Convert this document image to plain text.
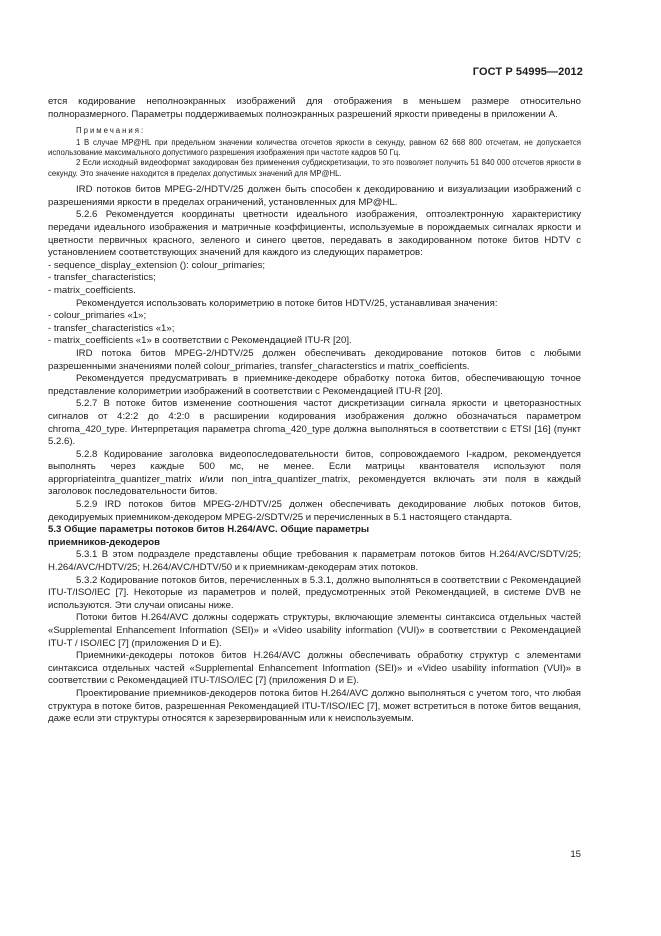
ГОСТ Р 54995—2012

ется кодирование неполноэкранных изображений для отображения в меньшем размере относительно полноразмерного. Параметры поддерживаемых полноэкранных разрешений яркости приведены в приложении А.

Примечания:

1 В случае MP@HL при предельном значении количества отсчетов яркости в секунду, равном 62 668 800 отсчетам, не допускается использование максимального допустимого разрешения изображения при частоте кадров 50 Гц.

2 Если исходный видеоформат закодирован без применения субдискретизации, то это позволяет получить 51 840 000 отсчетов яркости в секунду. Это значение находится в пределах допустимых значений для MP@HL.

IRD потоков битов MPEG-2/HDTV/25 должен быть способен к декодированию и визуализации изображений с разрешениями яркости в пределах ограничений, установленных для MP@HL.

5.2.6 Рекомендуется координаты цветности идеального изображения, оптоэлектронную характеристику передачи идеального изображения и матричные коэффициенты, используемые в порождаемых сигналах яркости и цветности первичных красного, зеленого и синего цветов, передавать в закодированном потоке битов HDTV с установлением соответствующих значений для каждого из следующих параметров:

- sequence_display_extension (): colour_primaries;

- transfer_characteristics;

- matrix_coefficients.

Рекомендуется использовать колориметрию в потоке битов HDTV/25, устанавливая значения:

- colour_primaries «1»;

- transfer_characteristics «1»;

- matrix_coefficients «1» в соответствии с Рекомендацией ITU-R [20].

IRD потока битов MPEG-2/HDTV/25 должен обеспечивать декодирование потоков битов с любыми разрешенными значениями полей colour_primaries, transfer_characterstics и matrix_coefficients.

Рекомендуется предусматривать в приемнике-декодере обработку потока битов, обеспечивающую точное представление колориметрии изображений в соответствии с Рекомендацией ITU-R [20].

5.2.7 В потоке битов изменение соотношения частот дискретизации сигнала яркости и цветоразностных сигналов от 4:2:2 до 4:2:0 в расширении кодирования изображения должно обозначаться параметром chroma_420_type. Интерпретация параметра chroma_420_type должна выполняться в соответствии с ETSI [16] (пункт 5.2.6).

5.2.8 Кодирование заголовка видеопоследовательности битов, сопровождаемого I-кадром, рекомендуется выполнять через каждые 500 мс, не менее. Если матрицы квантователя используют поля appropriateintra_quantizer_matrix и/или non_intra_quantizer_matrix, рекомендуется включать эти поля в каждый заголовок последовательности битов.

5.2.9 IRD потоков битов MPEG-2/HDTV/25 должен обеспечивать декодирование любых потоков битов, декодируемых приемником-декодером MPEG-2/SDTV/25 и перечисленных в 5.1 настоящего стандарта.

5.3 Общие параметры потоков битов H.264/AVC. Общие параметры

приемников-декодеров

5.3.1 В этом подразделе представлены общие требования к параметрам потоков битов H.264/AVC/SDTV/25; H.264/AVC/HDTV/25; H.264/AVC/HDTV/50 и к приемникам-декодерам этих потоков.

5.3.2 Кодирование потоков битов, перечисленных в 5.3.1, должно выполняться в соответствии с Рекомендацией ITU-T/ISO/IEC [7]. Некоторые из параметров и полей, предусмотренных этой Рекомендацией, в системе DVB не используются. Эти случаи описаны ниже.

Потоки битов H.264/AVC должны содержать структуры, включающие элементы синтаксиса отдельных частей «Supplemental Enhancement Information (SEI)» и «Video usability information (VUI)» в соответствии с Рекомендацией ITU-T / ISO/IEC [7] (приложения D и E).

Приемники-декодеры потоков битов H.264/AVC должны обеспечивать обработку структур с элементами синтаксиса отдельных частей «Supplemental Enhancement Information (SEI)» и «Video usability information (VUI)» в соответствии с Рекомендацией ITU-T/ISO/IEC [7] (приложения D и E).

Проектирование приемников-декодеров потока битов H.264/AVC должно выполняться с учетом того, что любая структура в потоке битов, разрешенная Рекомендацией ITU-T/ISO/IEC [7], может встретиться в потоке битов вещания, даже если эти структуры относятся к зарезервированным или к неиспользуемым.

15
